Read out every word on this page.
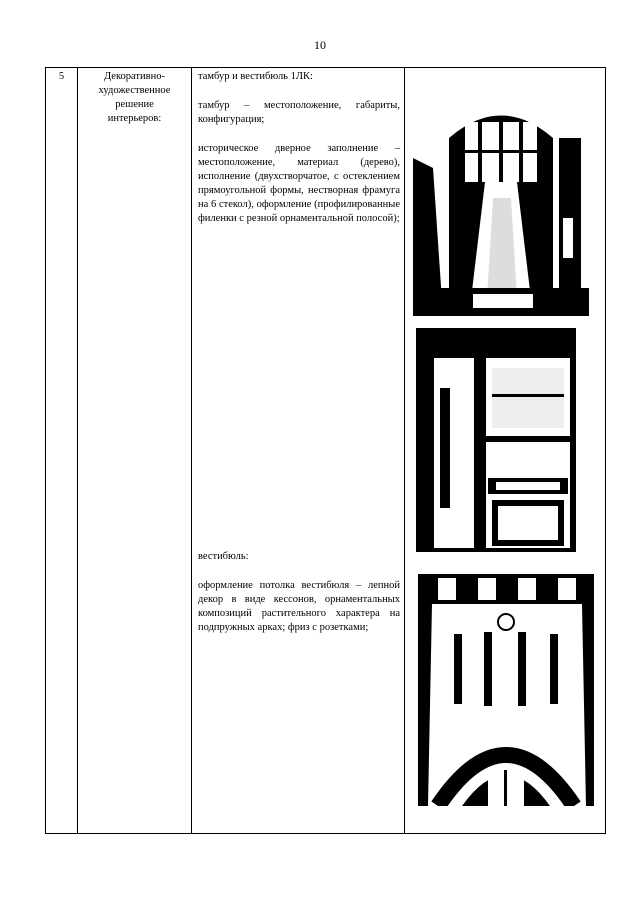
10
5	Декоративно-
художественное
решение
интерьеров:

тамбур и вестибюль 1ЛК:

тамбур – местоположение, габариты, конфигурация;

историческое дверное заполнение – местоположение, материал (дерево), исполнение (двухстворчатое, с остеклением прямоугольной формы, нестворная фрамуга на 6 стекол), оформление (профилированные филенки с резной орнаментальной полосой);

вестибюль:

оформление потолка вестибюля – лепной декор в виде кессонов, орнаментальных композиций растительного характера на подпружных арках; фриз с розетками;
